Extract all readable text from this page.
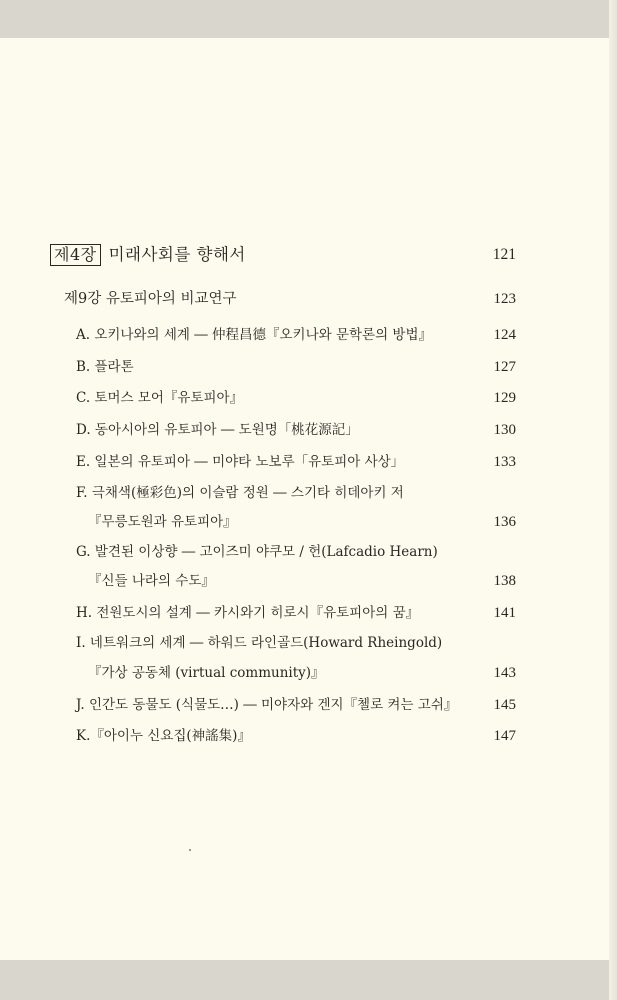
제4장 미래사회를 향해서	121
제9강 유토피아의 비교연구	123
A. 오키나와의 세계 ― 仲程昌德『오키나와 문학론의 방법』	124
B. 플라톤	127
C. 토머스 모어『유토피아』	129
D. 동아시아의 유토피아 ― 도원명「桃花源記」	130
E. 일본의 유토피아 ― 미야타 노보루「유토피아 사상」	133
F. 극채색(極彩色)의 이슬람 정원 ― 스기타 히데아키 저
『무릉도원과 유토피아』	136
G. 발견된 이상향 ― 고이즈미 야쿠모 / 헌(Lafcadio Hearn)
『신들 나라의 수도』	138
H. 전원도시의 설계 ― 카시와기 히로시『유토피아의 꿈』	141
I. 네트워크의 세계 ― 하워드 라인골드(Howard Rheingold)
『가상 공동체 (virtual community)』	143
J. 인간도 동물도 (식물도…) ― 미야자와 겐지『첼로 켜는 고쉬』	145
K.『아이누 신요집(神謠集)』	147
